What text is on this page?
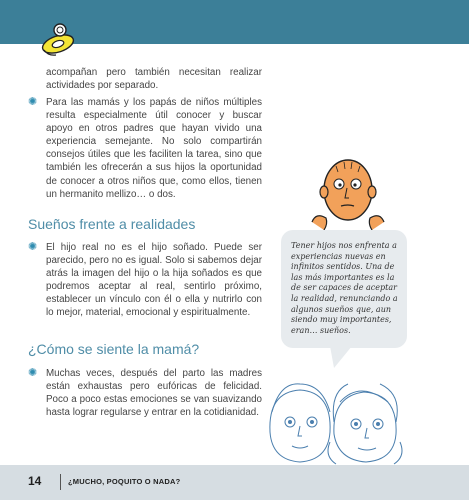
acompañan pero también necesitan realizar actividades por separado.
✺ Para las mamás y los papás de niños múltiples resulta especialmente útil conocer y buscar apoyo en otros padres que hayan vivido una experiencia semejante. No solo compartirán consejos útiles que les faciliten la tarea, sino que también les ofrecerán a sus hijos la oportunidad de conocer a otros niños que, como ellos, tienen un hermanito mellizo… o dos.
Sueños frente a realidades
✺ El hijo real no es el hijo soñado. Puede ser parecido, pero no es igual. Solo si sabemos dejar atrás la imagen del hijo o la hija soñados es que podremos aceptar al real, sentirlo próximo, establecer un vínculo con él o ella y nutrirlo con lo mejor, material, emocional y espiritualmente.
¿Cómo se siente la mamá?
✺ Muchas veces, después del parto las madres están exhaustas pero eufóricas de felicidad. Poco a poco estas emociones se van suavizando hasta lograr regularse y entrar en la cotidianidad.
Tener hijos nos enfrenta a experiencias nuevas en infinitos sentidos. Una de las más importantes es la de ser capaces de aceptar la realidad, renunciando a algunos sueños que, aun siendo muy importantes, eran… sueños.
14	¿MUCHO, POQUITO O NADA?
